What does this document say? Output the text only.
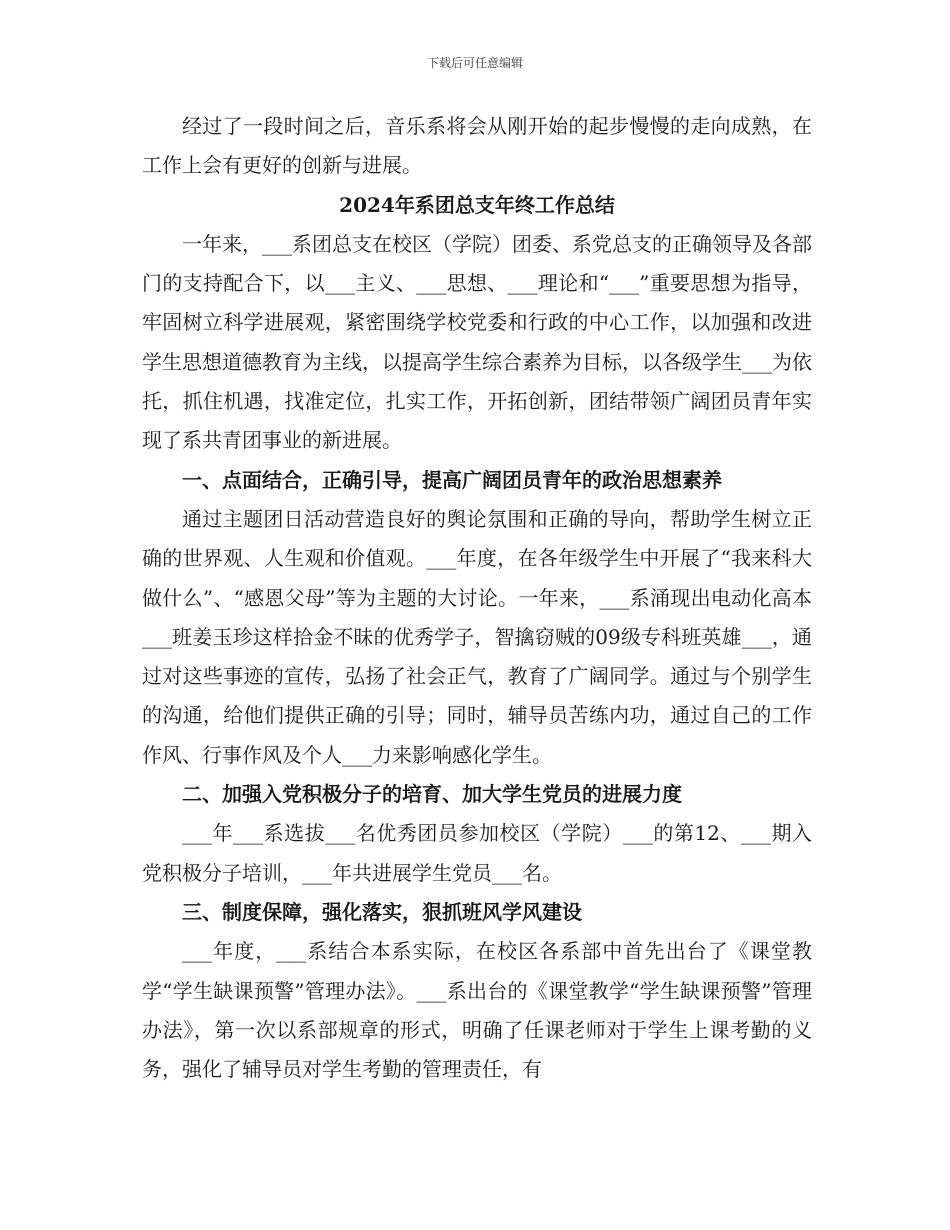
下载后可任意编辑

经过了一段时间之后，音乐系将会从刚开始的起步慢慢的走向成熟，在工作上会有更好的创新与进展。

2024年系团总支年终工作总结

一年来，___系团总支在校区（学院）团委、系党总支的正确领导及各部门的支持配合下，以___主义、___思想、___理论和“___”重要思想为指导，牢固树立科学进展观，紧密围绕学校党委和行政的中心工作，以加强和改进学生思想道德教育为主线，以提高学生综合素养为目标，以各级学生___为依托，抓住机遇，找准定位，扎实工作，开拓创新，团结带领广阔团员青年实现了系共青团事业的新进展。

一、点面结合，正确引导，提高广阔团员青年的政治思想素养

通过主题团日活动营造良好的舆论氛围和正确的导向，帮助学生树立正确的世界观、人生观和价值观。___年度，在各年级学生中开展了“我来科大做什么”、“感恩父母”等为主题的大讨论。一年来，___系涌现出电动化高本___班姜玉珍这样拾金不昧的优秀学子，智擒窃贼的09级专科班英雄___，通过对这些事迹的宣传，弘扬了社会正气，教育了广阔同学。通过与个别学生的沟通，给他们提供正确的引导；同时，辅导员苦练内功，通过自己的工作作风、行事作风及个人___力来影响感化学生。

二、加强入党积极分子的培育、加大学生党员的进展力度

___年___系选拔___名优秀团员参加校区（学院）___的第12、___期入党积极分子培训，___年共进展学生党员___名。

三、制度保障，强化落实，狠抓班风学风建设

___年度，___系结合本系实际，在校区各系部中首先出台了《课堂教学“学生缺课预警”管理办法》。___系出台的《课堂教学“学生缺课预警”管理办法》，第一次以系部规章的形式，明确了任课老师对于学生上课考勤的义务，强化了辅导员对学生考勤的管理责任，有
